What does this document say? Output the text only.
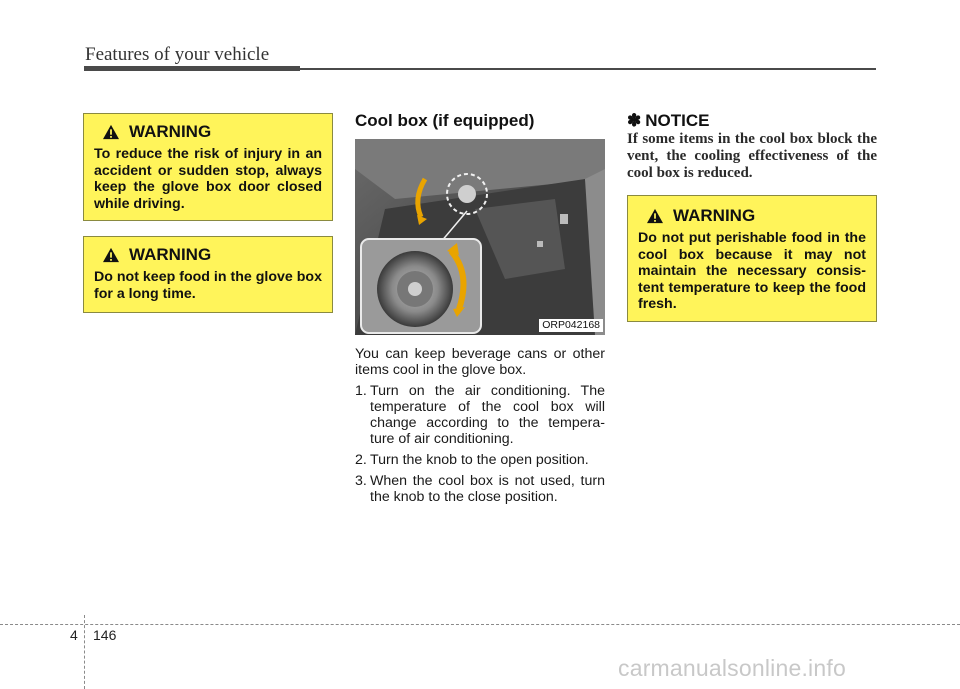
Features of your vehicle
WARNING
To reduce the risk of injury in an accident or sudden stop, always keep the glove box door closed while driving.
WARNING
Do not keep food in the glove box for a long time.
Cool box (if equipped)
ORP042168

You can keep beverage cans or other items cool in the glove box.

1. Turn on the air conditioning. The temperature of the cool box will change according to the tempera-ture of air conditioning.
2. Turn the knob to the open position.
3. When the cool box is not used, turn the knob to the close position.
✽ NOTICE
If some items in the cool box block the vent, the cooling effectiveness of the cool box is reduced.
WARNING
Do not put perishable food in the cool box because it may not maintain the necessary consis-tent temperature to keep the food fresh.
4 146
carmanualsonline.info
